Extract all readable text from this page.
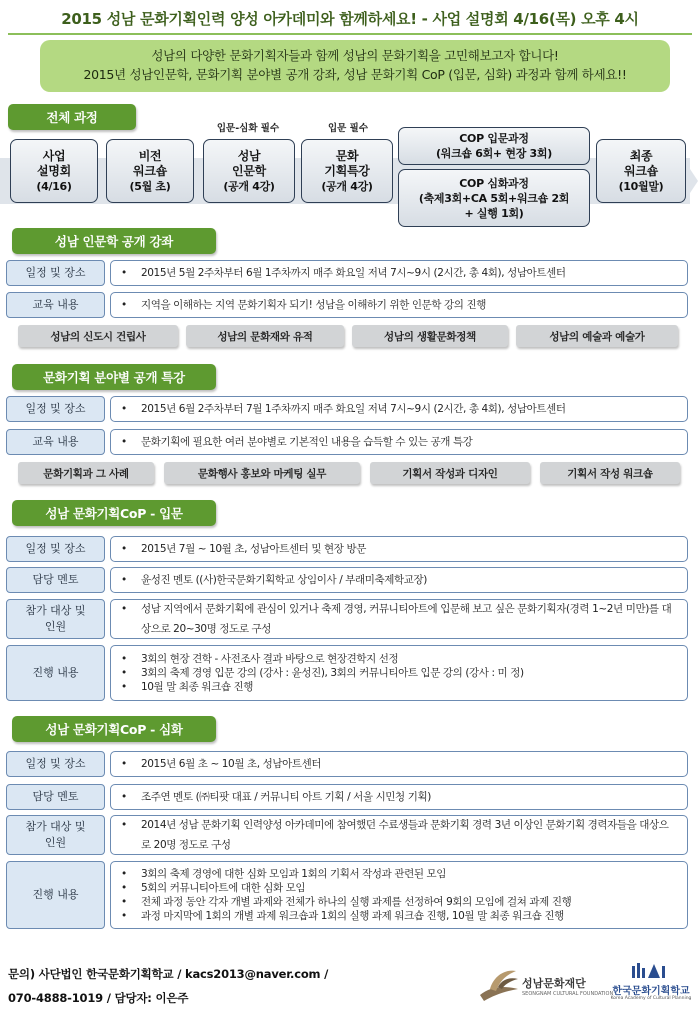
2015 성남 문화기획인력 양성 아카데미와 함께하세요! - 사업 설명회 4/16(목) 오후 4시
성남의 다양한 문화기획자들과 함께 성남의 문화기획을 고민해보고자 합니다!
2015년 성남인문학, 문화기획 분야별 공개 강좌, 성남 문화기획 CoP (입문, 심화) 과정과 함께 하세요!!
전체 과정
입문-심화 필수	입문 필수
사업
설명회
(4/16)
비전
워크숍
(5월 초)
성남
인문학
(공개 4강)
문화
기획특강
(공개 4강)
COP 입문과정
(워크숍 6회+ 현장 3회)
COP 심화과정
(축제3회+CA 5회+워크숍 2회
+ 실행 1회)
최종
워크숍
(10월말)
성남 인문학 공개 강좌
일정 및 장소	• 2015년 5월 2주차부터 6월 1주차까지 매주 화요일 저녁 7시~9시 (2시간, 총 4회), 성남아트센터
교육 내용	• 지역을 이해하는 지역 문화기획자 되기! 성남을 이해하기 위한 인문학 강의 진행
성남의 신도시 건립사	성남의 문화재와 유적	성남의 생활문화정책	성남의 예술과 예술가
문화기획 분야별 공개 특강
일정 및 장소	• 2015년 6월 2주차부터 7월 1주차까지 매주 화요일 저녁 7시~9시 (2시간, 총 4회), 성남아트센터
교육 내용	• 문화기획에 필요한 여러 분야별로 기본적인 내용을 습득할 수 있는 공개 특강
문화기획과 그 사례	문화행사 홍보와 마케팅 실무	기획서 작성과 디자인	기획서 작성 워크숍
성남 문화기획CoP - 입문
일정 및 장소	• 2015년 7월 ~ 10월 초, 성남아트센터 및 현장 방문
담당 멘토	• 윤성진 멘토 ((사)한국문화기획학교 상임이사 / 부래미축제학교장)
참가 대상 및
인원
• 성남 지역에서 문화기획에 관심이 있거나 축제 경영, 커뮤니티아트에 입문해 보고 싶은 문화기획자(경력 1~2년 미만)를 대상으로 20~30명 정도로 구성
진행 내용
• 3회의 현장 견학 - 사전조사 결과 바탕으로 현장견학지 선정
• 3회의 축제 경영 입문 강의 (강사 : 윤성진), 3회의 커뮤니티아트 입문 강의 (강사 : 미 정)
• 10월 말 최종 워크숍 진행
성남 문화기획CoP - 심화
일정 및 장소	• 2015년 6월 초 ~ 10월 초, 성남아트센터
담당 멘토	• 조주연 멘토 (㈜티팟 대표 / 커뮤니티 아트 기획 / 서울 시민청 기획)
참가 대상 및
인원
• 2014년 성남 문화기획 인력양성 아카데미에 참여했던 수료생들과 문화기획 경력 3년 이상인 문화기획 경력자들을 대상으로 20명 정도로 구성
진행 내용
• 3회의 축제 경영에 대한 심화 모임과 1회의 기획서 작성과 관련된 모임
• 5회의 커뮤니티아트에 대한 심화 모임
• 전체 과정 동안 각자 개별 과제와 전체가 하나의 실행 과제를 선정하여 9회의 모임에 걸쳐 과제 진행
• 과정 마지막에 1회의 개별 과제 워크숍과 1회의 실행 과제 워크숍 진행, 10월 말 최종 워크숍 진행
문의) 사단법인 한국문화기획학교 / kacs2013@naver.com /
070-4888-1019 / 담당자: 이은주
성남문화재단
SEONGNAM CULTURAL FOUNDATION 한국문화기획학교
Korea Academy of Cultural Planning
